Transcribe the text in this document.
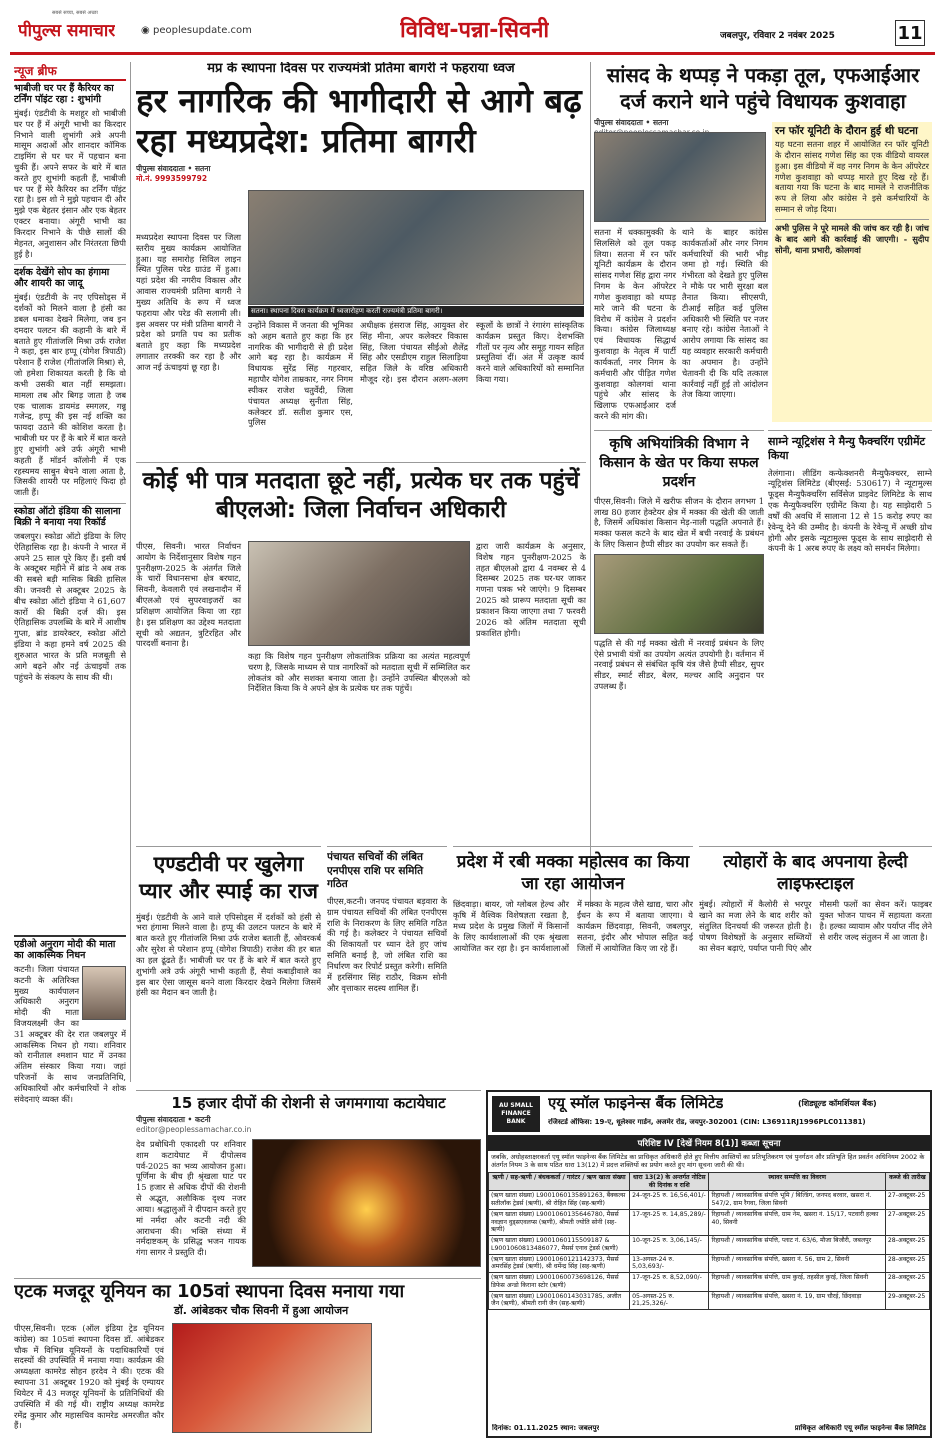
पीपुल्स समाचार
सबसे सच्चा, सबसे अच्छा
◉ peoplesupdate.com	विविध-पन्ना-सिवनी	जबलपुर, रविवार 2 नवंबर 2025	11
न्यूज ब्रीफ
भाबीजी घर पर हैं कैरियर का टर्निंग पॉइंट रहा : शुभांगी
मुंबई। एंडटीवी के मशहूर शो भाबीजी घर पर हैं में अंगूरी भाभी का किरदार निभाने वाली शुभांगी अत्रे अपनी मासूम अदाओं और शानदार कॉमिक टाइमिंग से घर घर में पहचान बना चुकी हैं। अपने सफर के बारे में बात करते हुए शुभांगी कहती हैं, भाबीजी घर पर हैं मेरे कैरियर का टर्निंग पॉइंट रहा है। इस शो ने मुझे पहचान दी और मुझे एक बेहतर इंसान और एक बेहतर एक्टर बनाया। अंगूरी भाभी का किरदार निभाने के पीछे सालों की मेहनत, अनुशासन और निरंतरता छिपी हुई है।
दर्शक देखेंगे सोप का हंगामा और शायरी का जादू
मुंबई। एंडटीवी के नए एपिसोड्स में दर्शकों को मिलने वाला है हंसी का डबल धमाका देखने मिलेगा, जब इन दमदार पलटन की कहानी के बारे में बताते हुए गीतांजलि मिश्रा उर्फ राजेश ने कहा, इस बार हप्पू (योगेश त्रिपाठी) परेशान हैं राजेश (गीतांजलि मिश्रा) से, जो हमेशा शिकायत करती है कि वो कभी उसकी बात नहीं समझता। मामला तब और बिगड़ जाता है जब एक चालाक डायमंड स्मगलर, गन्नू गजेन्द्र, हप्पू की इस नई शक्ति का फायदा उठाने की कोशिश करता है। भाबीजी घर पर हैं के बारे में बात करते हुए शुभांगी अत्रे उर्फ अंगूरी भाभी कहती हैं मॉडर्न कॉलोनी में एक रहस्यमय साबुन बेचने वाला आता है, जिसकी शायरी पर महिलाएं फिदा हो जाती हैं।
स्कोडा ऑटो इंडिया की सालाना बिक्री ने बनाया नया रिकॉर्ड
जबलपुर। स्कोडा ऑटो इंडिया के लिए ऐतिहासिक रहा है। कंपनी ने भारत में अपने 25 साल पूरे किए हैं। इसी वर्ष के अक्टूबर महीने में ब्रांड ने अब तक की सबसे बड़ी मासिक बिक्री हासिल की। जनवरी से अक्टूबर 2025 के बीच स्कोडा ऑटो इंडिया ने 61,607 कारों की बिक्री दर्ज की। इस ऐतिहासिक उपलब्धि के बारे में आशीष गुप्ता, ब्रांड डायरेक्टर, स्कोडा ऑटो इंडिया ने कहा हमने वर्ष 2025 की शुरुआत भारत के प्रति मजबूती से आगे बढ़ने और नई ऊंचाइयों तक पहुंचने के संकल्प के साथ की थी।
एडीओ अनुराग मोदी की माता का आकस्मिक निधन
कटनी। जिला पंचायत कटनी के अतिरिक्त मुख्य कार्यपालन अधिकारी अनुराग मोदी की माता विजयलक्ष्मी जैन का 31 अक्टूबर की देर रात जबलपुर में आकस्मिक निधन हो गया। शनिवार को रानीताल श्मशान घाट में उनका अंतिम संस्कार किया गया। जहां परिजनों के साथ जनप्रतिनिधि, अधिकारियों और कर्मचारियों ने शोक संवेदनाएं व्यक्त कीं।
मप्र के स्थापना दिवस पर राज्यमंत्री प्रतिमा बागरी ने फहराया ध्वज
हर नागरिक की भागीदारी से आगे बढ़ रहा मध्यप्रदेश: प्रतिमा बागरी
पीपुल्स संवाददाता • सतना
मो.नं. 9993599792
मध्यप्रदेश स्थापना दिवस पर जिला स्तरीय मुख्य कार्यक्रम आयोजित हुआ। यह समारोह सिविल लाइन स्थित पुलिस परेड ग्राउंड में हुआ। यहां प्रदेश की नगरीय विकास और आवास राज्यमंत्री प्रतिमा बागरी ने मुख्य अतिथि के रूप में ध्वज फहराया और परेड की सलामी ली। इस अवसर पर मंत्री प्रतिमा बागरी ने प्रदेश को प्रगति पथ का प्रतीक बताते हुए कहा कि मध्यप्रदेश लगातार तरक्की कर रहा है और आज नई ऊंचाइयां छू रहा है।
सतना। स्थापना दिवस कार्यक्रम में ध्वजारोहण करतीं राज्यमंत्री प्रतिमा बागरी।
उन्होंने विकास में जनता की भूमिका को अहम बताते हुए कहा कि हर नागरिक की भागीदारी से ही प्रदेश आगे बढ़ रहा है। कार्यक्रम में विधायक सुरेंद्र सिंह गहरवार, महापौर योगेश ताम्रकार, नगर निगम स्पीकर राजेश चतुर्वेदी, जिला पंचायत अध्यक्ष सुनीता सिंह, कलेक्टर डॉ. सतीश कुमार एस, पुलिस
अधीक्षक हंसराज सिंह, आयुक्त शेर सिंह मीना, अपर कलेक्टर विकास सिंह, जिला पंचायत सीईओ शैलेंद्र सिंह और एसडीएम राहुल सिलाड़िया सहित जिले के वरिष्ठ अधिकारी मौजूद रहे। इस दौरान अलग-अलग स्कूलों के छात्रों ने रंगारंग सांस्कृतिक कार्यक्रम प्रस्तुत किए। देशभक्ति गीतों पर नृत्य और समूह गायन सहित प्रस्तुतियां दीं। अंत में उत्कृष्ट कार्य करने वाले अधिकारियों को सम्मानित किया गया।
सांसद के थप्पड़ ने पकड़ा तूल, एफआईआर दर्ज कराने थाने पहुंचे विधायक कुशवाहा
पीपुल्स संवाददाता • सतना
सतना में धक्कामुक्की के सिलसिले को तूल पकड़ लिया। सतना में रन फॉर यूनिटी कार्यक्रम के दौरान सांसद गणेश सिंह द्वारा नगर निगम के केन ऑपरेटर गणेश कुशवाहा को थप्पड़ मारे जाने की घटना के विरोध में कांग्रेस ने प्रदर्शन किया। कांग्रेस जिलाध्यक्ष एवं विधायक सिद्धार्थ कुशवाहा के नेतृत्व में पार्टी कार्यकर्ता, नगर निगम के कर्मचारी और पीड़ित गणेश कुशवाहा कोलगवां थाना पहुंचे और सांसद के खिलाफ एफआईआर दर्ज करने की मांग की।
थाने के बाहर कांग्रेस कार्यकर्ताओं और नगर निगम कर्मचारियों की भारी भीड़ जमा हो गई। स्थिति की गंभीरता को देखते हुए पुलिस ने मौके पर भारी सुरक्षा बल तैनात किया। सीएसपी, टीआई सहित कई पुलिस अधिकारी भी स्थिति पर नजर बनाए रहे। कांग्रेस नेताओं ने आरोप लगाया कि सांसद का यह व्यवहार सरकारी कर्मचारी का अपमान है। उन्होंने चेतावनी दी कि यदि तत्काल कार्रवाई नहीं हुई तो आंदोलन तेज किया जाएगा।
रन फॉर यूनिटी के दौरान हुई थी घटना
यह घटना सतना शहर में आयोजित रन फॉर यूनिटी के दौरान सांसद गणेश सिंह का एक वीडियो वायरल हुआ। इस वीडियो में वह नगर निगम के केन ऑपरेटर गणेश कुशवाहा को थप्पड़ मारते हुए दिख रहे हैं। बताया गया कि घटना के बाद मामले ने राजनीतिक रूप ले लिया और कांग्रेस ने इसे कर्मचारियों के सम्मान से जोड़ दिया।
अभी पुलिस ने पूरे मामले की जांच कर रही है। जांच के बाद आगे की कार्रवाई की जाएगी। - सुदीप सोनी, थाना प्रभारी, कोलगवां
कोई भी पात्र मतदाता छूटे नहीं, प्रत्येक घर तक पहुंचें बीएलओ: जिला निर्वाचन अधिकारी
पीएस, सिवनी। भारत निर्वाचन आयोग के निर्देशानुसार विशेष गहन पुनरीक्षण-2025 के अंतर्गत जिले के चारों विधानसभा क्षेत्र बरघाट, सिवनी, केवलारी एवं लखनादौन में बीएलओ एवं सुपरवाइजरों का प्रशिक्षण आयोजित किया जा रहा है। इस प्रशिक्षण का उद्देश्य मतदाता सूची को अद्यतन, त्रुटिरहित और पारदर्शी बनाना है।
कहा कि विशेष गहन पुनरीक्षण लोकतांत्रिक प्रक्रिया का अत्यंत महत्वपूर्ण चरण है, जिसके माध्यम से पात्र नागरिकों को मतदाता सूची में सम्मिलित कर लोकतंत्र को और सशक्त बनाया जाता है। उन्होंने उपस्थित बीएलओ को निर्देशित किया कि वे अपने क्षेत्र के प्रत्येक घर तक पहुंचें।
द्वारा जारी कार्यक्रम के अनुसार, विशेष गहन पुनरीक्षण-2025 के तहत बीएलओ द्वारा 4 नवम्बर से 4 दिसम्बर 2025 तक घर-घर जाकर गणना पत्रक भरे जाएंगे। 9 दिसम्बर 2025 को प्रारूप मतदाता सूची का प्रकाशन किया जाएगा तथा 7 फरवरी 2026 को अंतिम मतदाता सूची प्रकाशित होगी।
कृषि अभियांत्रिकी विभाग ने किसान के खेत पर किया सफल प्रदर्शन
पीएस,सिवनी। जिले में खरीफ सीजन के दौरान लगभग 1 लाख 80 हजार हेक्टेयर क्षेत्र में मक्का की खेती की जाती है, जिसमें अधिकांश किसान मेड़-नाली पद्धति अपनाते हैं। मक्का फसल कटने के बाद खेत में बची नरवाई के प्रबंधन के लिए किसान हैप्पी सीडर का उपयोग कर सकते हैं।
पद्धति से की गई मक्का खेती में नरवाई प्रबंधन के लिए ऐसे प्रभावी यंत्रों का उपयोग अत्यंत उपयोगी है। वर्तमान में नरवाई प्रबंधन से संबंधित कृषि यंत्र जैसे हैप्पी सीडर, सुपर सीडर, स्मार्ट सीडर, बेलर, मल्चर आदि अनुदान पर उपलब्ध हैं।
साम्ने न्यूट्रिशंस ने मैन्यु फैक्चरिंग एग्रीमेंट किया
तेलंगाना। लीडिंग कन्फेक्शनरी मैन्युफैक्चरर, साम्ने न्यूट्रिशंस लिमिटेड (बीएसई: 530617) ने न्यूटामुल्स फूड्स मैन्युफैक्चरिंग सर्विसेज प्राइवेट लिमिटेड के साथ एक मैन्युफैक्चरिंग एग्रीमेंट किया है। यह साझेदारी 5 वर्षों की अवधि में सालाना 12 से 15 करोड़ रुपए का रेवेन्यू देने की उम्मीद है। कंपनी के रेवेन्यू में अच्छी ग्रोथ होगी और इसके न्यूटामुल्स फूड्स के साथ साझेदारी से कंपनी के 1 अरब रुपए के लक्ष्य को समर्थन मिलेगा।
एण्डटीवी पर खुलेगा प्यार और स्पाई का राज
मुंबई। एंडटीवी के आने वाले एपिसोड्स में दर्शकों को हंसी से भरा हंगामा मिलने वाला है। हप्पू की उलटन पलटन के बारे में बात करते हुए गीतांजलि मिश्रा उर्फ राजेश बताती हैं, ओवरकर्ब और सुरेश से परेशान हप्पू (योगेश त्रिपाठी) राजेश की हर बात का हल ढूंढते हैं। भाबीजी घर पर हैं के बारे में बात करते हुए शुभांगी अत्रे उर्फ अंगूरी भाभी कहती हैं, सैयां कबाड़ीवाले का इस बार ऐसा जासूस बनने वाला किरदार देखने मिलेगा जिसमें हंसी का मैदान बन जाती है।
पंचायत सचिवों की लंबित एनपीएस राशि पर समिति गठित
पीएस,कटनी। जनपद पंचायत बड़वारा के ग्राम पंचायत सचिवों की लंबित एनपीएस राशि के निराकरण के लिए समिति गठित की गई है। कलेक्टर ने पंचायत सचिवों की शिकायतों पर ध्यान देते हुए जांच समिति बनाई है, जो लंबित राशि का निर्धारण कर रिपोर्ट प्रस्तुत करेगी। समिति में हरसिंगार सिंह राठौर, विक्रम सोनी और वृत्ताकार सदस्य शामिल हैं।
प्रदेश में रबी मक्का महोत्सव का किया जा रहा आयोजन
छिंदवाड़ा। बायर, जो ग्लोबल हेल्थ और कृषि में वैश्विक विशेषज्ञता रखता है, मध्य प्रदेश के प्रमुख जिलों में किसानों के लिए कार्यशालाओं की एक श्रृंखला आयोजित कर रहा है। इन कार्यशालाओं में मक्का के महत्व जैसे खाद्य, चारा और ईंधन के रूप में बताया जाएगा। ये कार्यक्रम छिंदवाड़ा, सिवनी, जबलपुर, सतना, इंदौर और भोपाल सहित कई जिलों में आयोजित किए जा रहे हैं।
त्योहारों के बाद अपनाया हेल्दी लाइफस्टाइल
मुंबई। त्योहारों में कैलोरी से भरपूर खाने का मजा लेने के बाद शरीर को संतुलित दिनचर्या की जरूरत होती है। पोषण विशेषज्ञों के अनुसार सब्जियों का सेवन बढ़ाएं, पर्याप्त पानी पिएं और मौसमी फलों का सेवन करें। फाइबर युक्त भोजन पाचन में सहायता करता है। हल्का व्यायाम और पर्याप्त नींद लेने से शरीर जल्द संतुलन में आ जाता है।
15 हजार दीपों की रोशनी से जगमगाया कटायेघाट
पीपुल्स संवाददाता • कटनी
editor@peoplessamachar.co.in
देव प्रबोधिनी एकादशी पर शनिवार शाम कटायेघाट में दीपोत्सव पर्व-2025 का भव्य आयोजन हुआ। पूर्णिमा के बीच ही श्रृंखला घाट पर 15 हजार से अधिक दीपों की रोशनी से अद्भुत, अलौकिक दृश्य नजर आया। श्रद्धालुओं ने दीपदान करते हुए मां नर्मदा और कटनी नदी की आराधना की। भक्ति संध्या में नर्मदाष्टकम् के प्रसिद्ध भजन गायक गंगा सागर ने प्रस्तुति दी।
एटक मजदूर यूनियन का 105वां स्थापना दिवस मनाया गया
डॉ. आंबेडकर चौक सिवनी में हुआ आयोजन
पीएस,सिवनी। एटक (ऑल इंडिया ट्रेड यूनियन कांग्रेस) का 105वां स्थापना दिवस डॉ. आंबेडकर चौक में विभिन्न यूनियनों के पदाधिकारियों एवं सदस्यों की उपस्थिति में मनाया गया। कार्यक्रम की अध्यक्षता कामरेड सोहन हरदेव ने की। एटक की स्थापना 31 अक्टूबर 1920 को मुंबई के एम्पायर थियेटर में 43 मजदूर यूनियनों के प्रतिनिधियों की उपस्थिति में की गई थी। राष्ट्रीय अध्यक्ष कामरेड रमेंद्र कुमार और महासचिव कामरेड अमरजीत कौर हैं।
AU SMALL FINANCE BANK
एयू स्मॉल फाइनेन्स बैंक लिमिटेड	(शिड्यूल्ड कॉमर्शियल बैंक)
रजिस्टर्ड ऑफिस: 19-ए, धूलेश्वर गार्डन, अजमेर रोड, जयपुर-302001 (CIN: L36911RJ1996PLC011381)
परिशिष्ट IV [देखें नियम 8(1)] कब्जा सूचना
जबकि, अधोहस्ताक्षरकर्ता एयू स्मॉल फाइनेन्स बैंक लिमिटेड का प्राधिकृत अधिकारी होते हुए वित्तीय आस्तियों का प्रतिभूतिकरण एवं पुनर्गठन और प्रतिभूति हित प्रवर्तन अधिनियम 2002 के अंतर्गत नियम 3 के साथ पठित धारा 13(12) में प्रदत्त शक्तियों का प्रयोग करते हुए मांग सूचना जारी की थी।
ऋणी / सह-ऋणी / बंधककर्ता / गारंटर / ऋण खाता संख्या	धारा 13(2) के अन्तर्गत नोटिस की दिनांक व राशि	स्थावर सम्पत्ति का विवरण	कब्जे की तारीख
(ऋण खाता संख्या) L9001060135891263, बैंक्कल्स सतीलॉक ट्रेडर्स (ऋणी), श्री रोहित सिंह (सह-ऋणी)	24-जून-25 रु. 16,56,401/-	रिहायशी / व्यावसायिक संपत्ति भूमि / बिल्डिंग, जनपद बरवार, खसरा नं. 547/2, ग्राम रैगवा, जिला सिवनी	27-अक्टूबर-25
(ऋण खाता संख्या) L9001060135646780, मैसर्स नवज्ञान वुड्सएवलप्स (ऋणी), श्रीमती ज्योति सोनी (सह-ऋणी)	17-जून-25 रु. 14,85,289/-	रिहायशी / व्यावसायिक संपत्ति, ग्राम नेम, खसरा नं. 15/17, पटवारी हल्का 40, सिवनी	27-अक्टूबर-25
(ऋण खाता संख्या) L9001060115509187 & L9001060813486077, मैसर्स एनाव ट्रेडर्स (ऋणी)	10-जून-25 रु. 3,06,145/-	रिहायशी / व्यावसायिक संपत्ति, प्लाट नं. 63/6, मौजा बिजौरी, जबलपुर	28-अक्टूबर-25
(ऋण खाता संख्या) L9001060121142373, मैसर्स अमरसिंह ट्रेडर्स (ऋणी), श्री धर्मेन्द्र सिंह (सह-ऋणी)	13-अगस्त-24 रु. 5,03,693/-	रिहायशी / व्यावसायिक संपत्ति, खसरा नं. 56, ग्राम 2, सिवनी	28-अक्टूबर-25
(ऋण खाता संख्या) L9001060073698126, मैसर्स डिफेस अन्डो किराना स्टोर (ऋणी)	17-जून-25 रु. 8,52,090/-	रिहायशी / व्यावसायिक संपत्ति, ग्राम कुरई, तहसील कुरई, जिला सिवनी	28-अक्टूबर-25
(ऋण खाता संख्या) L9001060143031785, अजीत जैन (ऋणी), श्रीमती रानी जैन (सह-ऋणी)	05-अगस्त-25 रु. 21,25,326/-	रिहायशी / व्यावसायिक संपत्ति, खसरा नं. 19, ग्राम चौरई, छिंदवाड़ा	29-अक्टूबर-25
दिनांक: 01.11.2025 स्थान: जबलपुर	प्राधिकृत अधिकारी एयू स्मॉल फाइनेन्स बैंक लिमिटेड
